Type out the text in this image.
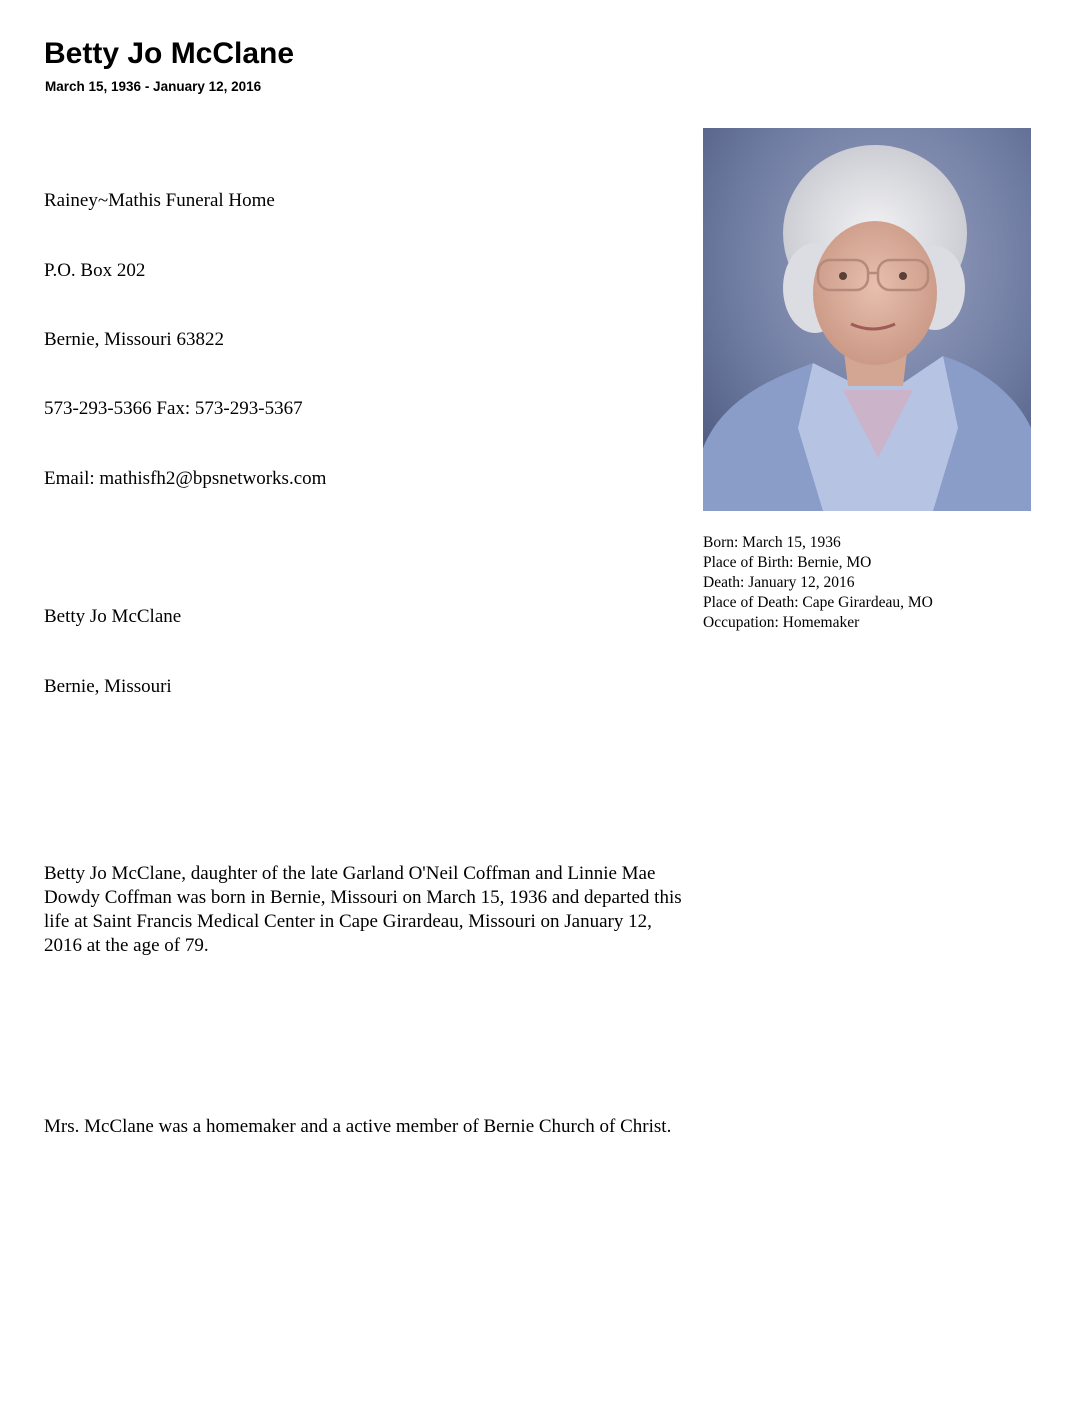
Betty Jo McClane
March 15, 1936 - January 12, 2016
Rainey~Mathis Funeral Home
P.O. Box 202
Bernie, Missouri 63822
573-293-5366 Fax: 573-293-5367
Email: mathisfh2@bpsnetworks.com
Betty Jo McClane
Bernie, Missouri

Betty Jo McClane, daughter of the late Garland O'Neil Coffman and Linnie Mae Dowdy Coffman was born in Bernie, Missouri on March 15, 1936 and departed this life at Saint Francis Medical Center in Cape Girardeau, Missouri on January 12, 2016 at the age of 79.

Mrs. McClane was a homemaker and a active member of Bernie Church of Christ.

Born: March 15, 1936
Place of Birth: Bernie, MO
Death: January 12, 2016
Place of Death: Cape Girardeau, MO
Occupation: Homemaker
